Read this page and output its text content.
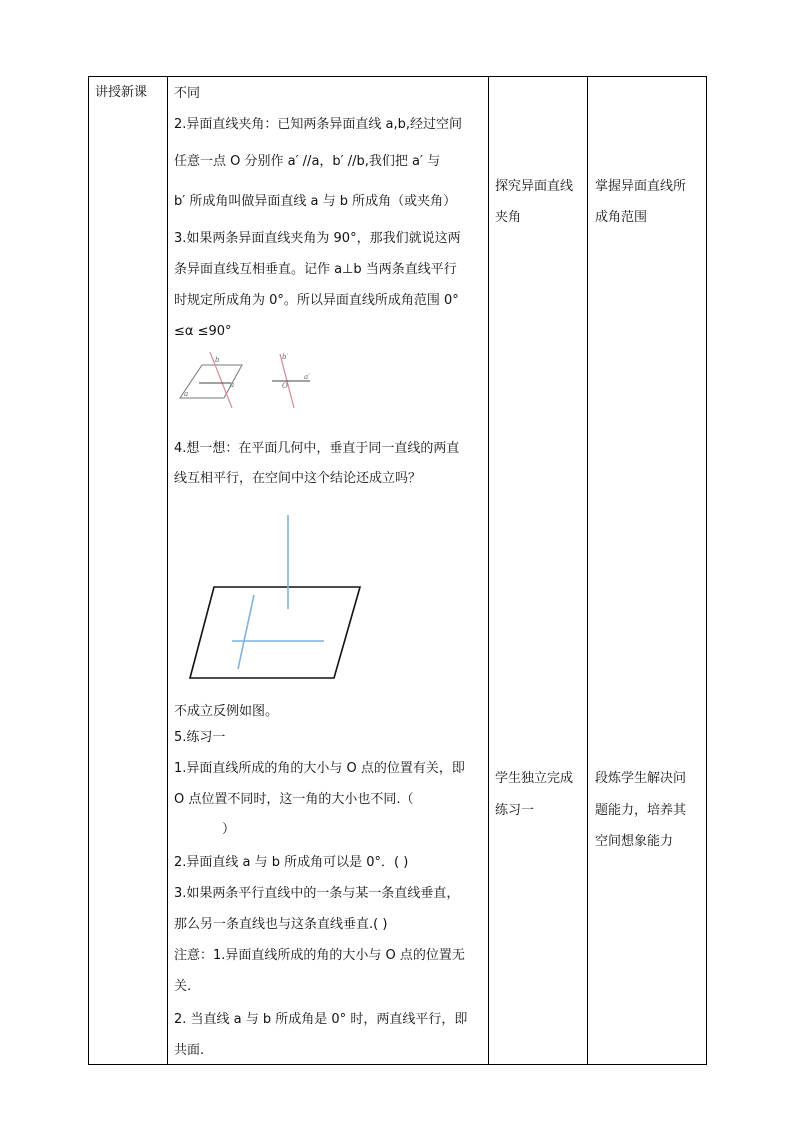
讲授新课 不同
2.异面直线夹角：已知两条异面直线 a,b,经过空间
任意一点 O 分别作 a′ //a，b′ //b,我们把 a′ 与
b′ 所成角叫做异面直线 a 与 b 所成角（或夹角）
3.如果两条异面直线夹角为 90°，那我们就说这两
条异面直线互相垂直。记作 a⊥b 当两条直线平行
时规定所成角为 0°。所以异面直线所成角范围 0°
≤α ≤90°
b
a
a
b′
O
a′
4.想一想：在平面几何中，垂直于同一直线的两直
线互相平行，在空间中这个结论还成立吗？
不成立反例如图。
5.练习一
1.异面直线所成的角的大小与 O 点的位置有关，即
O 点位置不同时，这一角的大小也不同.（
）
2.异面直线 a 与 b 所成角可以是 0°．( )
3.如果两条平行直线中的一条与某一条直线垂直，
那么另一条直线也与这条直线垂直.( )
注意：1.异面直线所成的角的大小与 O 点的位置无
关.
2. 当直线 a 与 b 所成角是 0° 时，两直线平行，即
共面.
探究异面直线
夹角
学生独立完成
练习一
掌握异面直线所
成角范围
段炼学生解决问
题能力，培养其
空间想象能力
